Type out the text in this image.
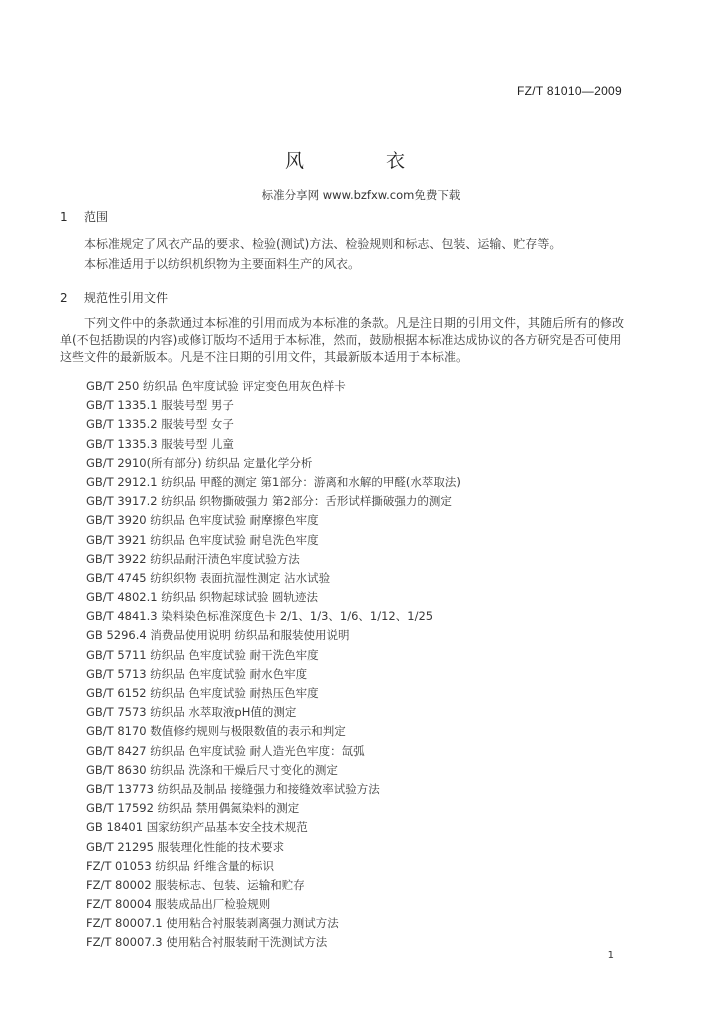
FZ/T 81010—2009
风	衣
标准分享网 www.bzfxw.com免费下载
1 范围

本标准规定了风衣产品的要求、检验(测试)方法、检验规则和标志、包装、运输、贮存等。

本标准适用于以纺织机织物为主要面料生产的风衣。

2 规范性引用文件

下列文件中的条款通过本标准的引用而成为本标准的条款。凡是注日期的引用文件，其随后所有的修改单(不包括勘误的内容)或修订版均不适用于本标准，然而，鼓励根据本标准达成协议的各方研究是否可使用这些文件的最新版本。凡是不注日期的引用文件，其最新版本适用于本标准。

GB/T 250 纺织品 色牢度试验 评定变色用灰色样卡
GB/T 1335.1 服装号型 男子
GB/T 1335.2 服装号型 女子
GB/T 1335.3 服装号型 儿童
GB/T 2910(所有部分) 纺织品 定量化学分析
GB/T 2912.1 纺织品 甲醛的测定 第1部分：游离和水解的甲醛(水萃取法)
GB/T 3917.2 纺织品 织物撕破强力 第2部分：舌形试样撕破强力的测定
GB/T 3920 纺织品 色牢度试验 耐摩擦色牢度
GB/T 3921 纺织品 色牢度试验 耐皂洗色牢度
GB/T 3922 纺织品耐汗渍色牢度试验方法
GB/T 4745 纺织织物 表面抗湿性测定 沾水试验
GB/T 4802.1 纺织品 织物起球试验 圆轨迹法
GB/T 4841.3 染料染色标准深度色卡 2/1、1/3、1/6、1/12、1/25
GB 5296.4 消费品使用说明 纺织品和服装使用说明
GB/T 5711 纺织品 色牢度试验 耐干洗色牢度
GB/T 5713 纺织品 色牢度试验 耐水色牢度
GB/T 6152 纺织品 色牢度试验 耐热压色牢度
GB/T 7573 纺织品 水萃取液pH值的测定
GB/T 8170 数值修约规则与极限数值的表示和判定
GB/T 8427 纺织品 色牢度试验 耐人造光色牢度：氙弧
GB/T 8630 纺织品 洗涤和干燥后尺寸变化的测定
GB/T 13773 纺织品及制品 接缝强力和接缝效率试验方法
GB/T 17592 纺织品 禁用偶氮染料的测定
GB 18401 国家纺织产品基本安全技术规范
GB/T 21295 服装理化性能的技术要求
FZ/T 01053 纺织品 纤维含量的标识
FZ/T 80002 服装标志、包装、运输和贮存
FZ/T 80004 服装成品出厂检验规则
FZ/T 80007.1 使用粘合衬服装剥离强力测试方法
FZ/T 80007.3 使用粘合衬服装耐干洗测试方法
1
